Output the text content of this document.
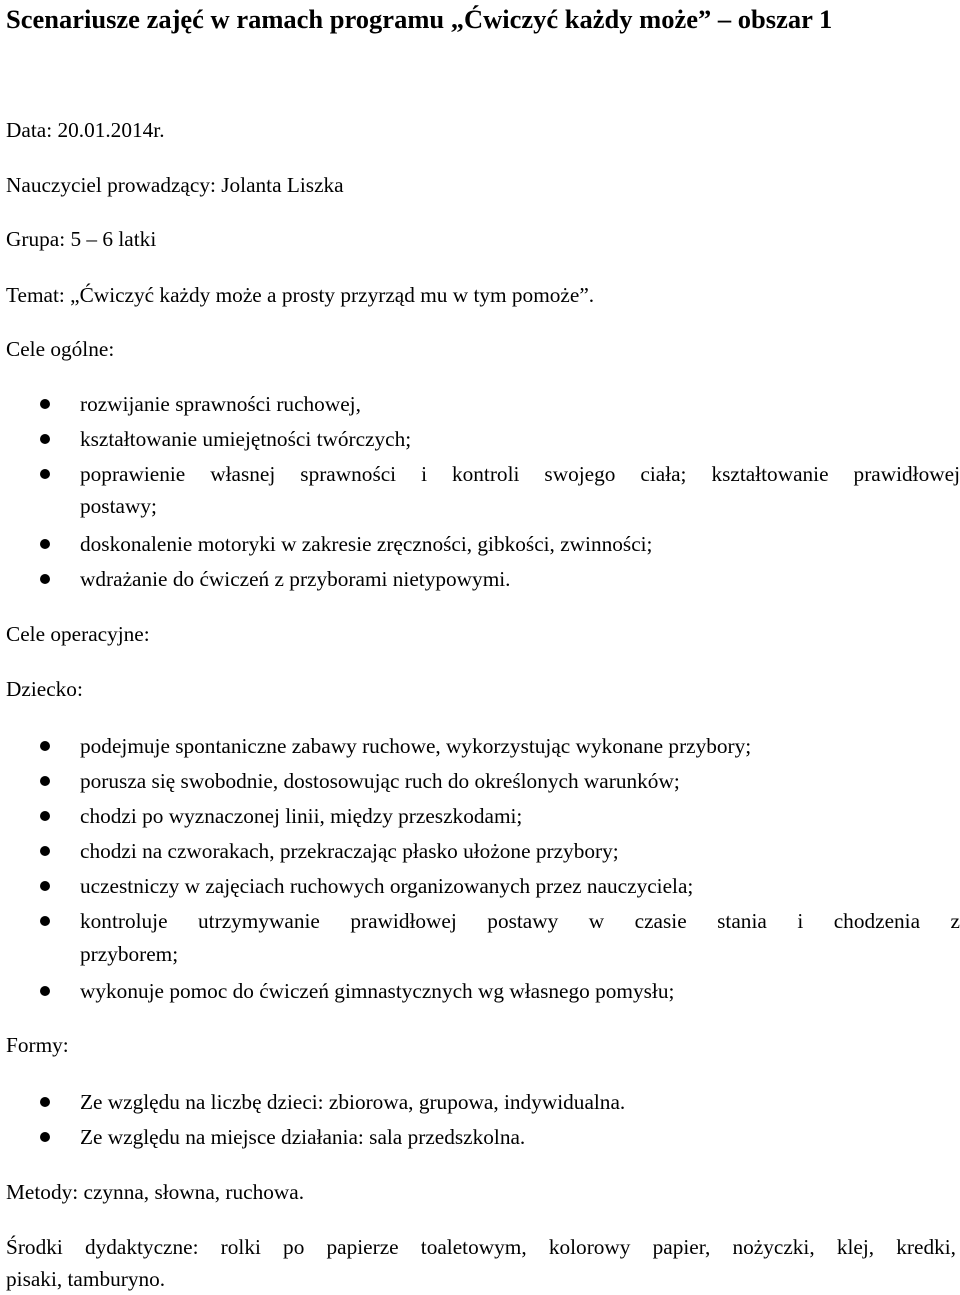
Scenariusze zajęć w ramach programu „Ćwiczyć każdy może” – obszar 1
Data: 20.01.2014r.
Nauczyciel prowadzący: Jolanta Liszka
Grupa: 5 – 6 latki
Temat: „Ćwiczyć każdy może a prosty przyrząd mu w tym pomoże”.
Cele ogólne:
rozwijanie sprawności ruchowej,
kształtowanie umiejętności twórczych;
poprawienie własnej sprawności i kontroli swojego ciała; kształtowanie prawidłowej
postawy;
doskonalenie motoryki w zakresie zręczności, gibkości, zwinności;
wdrażanie do ćwiczeń z przyborami nietypowymi.
Cele operacyjne:
Dziecko:
podejmuje spontaniczne zabawy ruchowe, wykorzystując wykonane przybory;
porusza się swobodnie, dostosowując ruch do określonych warunków;
chodzi po wyznaczonej linii, między przeszkodami;
chodzi na czworakach, przekraczając płasko ułożone przybory;
uczestniczy w zajęciach ruchowych organizowanych przez nauczyciela;
kontroluje utrzymywanie prawidłowej postawy w czasie stania i chodzenia z
przyborem;
wykonuje pomoc do ćwiczeń gimnastycznych wg własnego pomysłu;
Formy:
Ze względu na liczbę dzieci: zbiorowa, grupowa, indywidualna.
Ze względu na miejsce działania: sala przedszkolna.
Metody: czynna, słowna, ruchowa.
Środki dydaktyczne: rolki po papierze toaletowym, kolorowy papier, nożyczki, klej, kredki,
pisaki, tamburyno.
